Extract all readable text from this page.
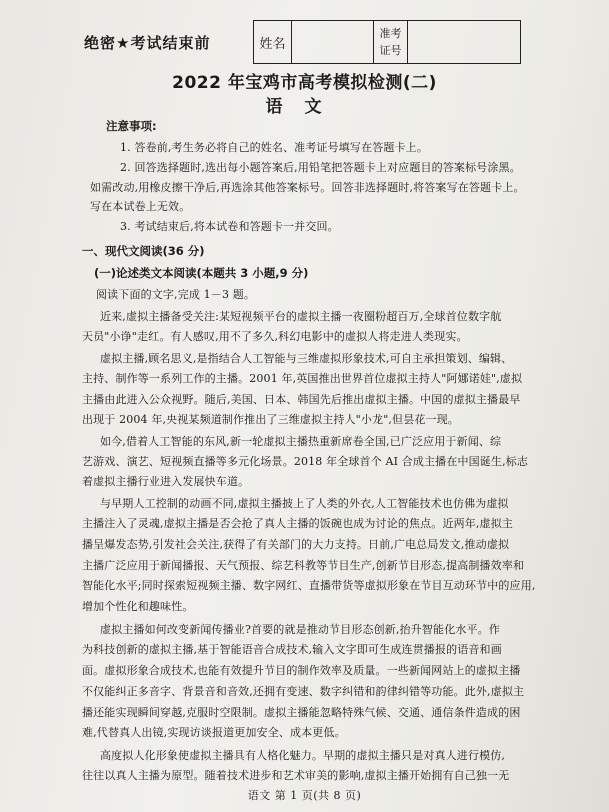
绝密★考试结束前	姓名
准考
证号
2022 年宝鸡市高考模拟检测(二)
语文
注意事项:
1. 答卷前,考生务必将自己的姓名、准考证号填写在答题卡上。
2. 回答选择题时,选出每小题答案后,用铅笔把答题卡上对应题目的答案标号涂黑。
如需改动,用橡皮擦干净后,再选涂其他答案标号。回答非选择题时,将答案写在答题卡上。
写在本试卷上无效。
3. 考试结束后,将本试卷和答题卡一并交回。
一、现代文阅读(36 分)
(一)论述类文本阅读(本题共 3 小题,9 分)
阅读下面的文字,完成 1－3 题。
近来,虚拟主播备受关注:某短视频平台的虚拟主播一夜圈粉超百万,全球首位数字航
天员"小诤"走红。有人感叹,用不了多久,科幻电影中的虚拟人将走进人类现实。
虚拟主播,顾名思义,是指结合人工智能与三维虚拟形象技术,可自主承担策划、编辑、
主持、制作等一系列工作的主播。2001 年,英国推出世界首位虚拟主持人"阿娜诺娃",虚拟
主播由此进入公众视野。随后,美国、日本、韩国先后推出虚拟主播。中国的虚拟主播最早
出现于 2004 年,央视某频道制作推出了三维虚拟主持人"小龙",但昙花一现。
如今,借着人工智能的东风,新一轮虚拟主播热重新席卷全国,已广泛应用于新闻、综
艺游戏、演艺、短视频直播等多元化场景。2018 年全球首个 AI 合成主播在中国诞生,标志
着虚拟主播行业进入发展快车道。
与早期人工控制的动画不同,虚拟主播披上了人类的外衣,人工智能技术也仿佛为虚拟
主播注入了灵魂,虚拟主播是否会抢了真人主播的饭碗也成为讨论的焦点。近两年,虚拟主
播呈爆发态势,引发社会关注,获得了有关部门的大力支持。日前,广电总局发文,推动虚拟
主播广泛应用于新闻播报、天气预报、综艺科教等节目生产,创新节目形态,提高制播效率和
智能化水平;同时探索短视频主播、数字网红、直播带货等虚拟形象在节目互动环节中的应用,
增加个性化和趣味性。
虚拟主播如何改变新闻传播业?首要的就是推动节目形态创新,抬升智能化水平。作
为科技创新的虚拟主播,基于智能语音合成技术,输入文字即可生成连贯播报的语音和画
面。虚拟形象合成技术,也能有效提升节目的制作效率及质量。一些新闻网站上的虚拟主播
不仅能纠正多音字、背景音和音效,还拥有变速、数字纠错和韵律纠错等功能。此外,虚拟主
播还能实现瞬间穿越,克服时空限制。虚拟主播能忽略特殊气候、交通、通信条件造成的困
难,代替真人出镜,实现访谈报道更加安全、成本更低。
高度拟人化形象使虚拟主播具有人格化魅力。早期的虚拟主播只是对真人进行模仿,
往往以真人主播为原型。随着技术进步和艺术审美的影响,虚拟主播开始拥有自己独一无
语文 第 1 页(共 8 页)
